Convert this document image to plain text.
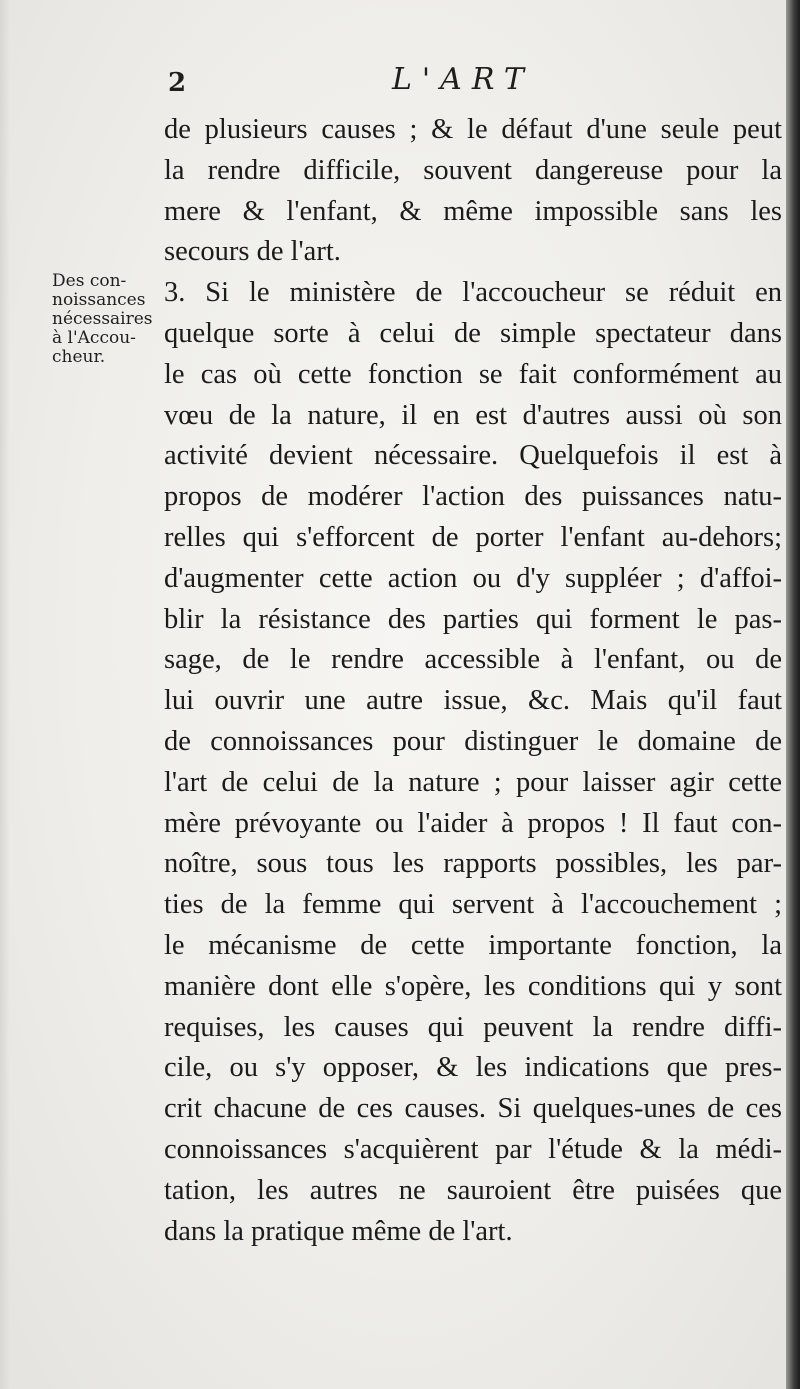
2	L'ART
Des con-
noissances
nécessaires
à l'Accou-
cheur.
de plusieurs causes ; & le défaut d'une seule peut
la rendre difficile, souvent dangereuse pour la
mere & l'enfant, & même impossible sans les
secours de l'art.
3. Si le ministère de l'accoucheur se réduit en
quelque sorte à celui de simple spectateur dans
le cas où cette fonction se fait conformément au
vœu de la nature, il en est d'autres aussi où son
activité devient nécessaire. Quelquefois il est à
propos de modérer l'action des puissances natu-
relles qui s'efforcent de porter l'enfant au-dehors;
d'augmenter cette action ou d'y suppléer ; d'affoi-
blir la résistance des parties qui forment le pas-
sage, de le rendre accessible à l'enfant, ou de
lui ouvrir une autre issue, &c. Mais qu'il faut
de connoissances pour distinguer le domaine de
l'art de celui de la nature ; pour laisser agir cette
mère prévoyante ou l'aider à propos ! Il faut con-
noître, sous tous les rapports possibles, les par-
ties de la femme qui servent à l'accouchement ;
le mécanisme de cette importante fonction, la
manière dont elle s'opère, les conditions qui y sont
requises, les causes qui peuvent la rendre diffi-
cile, ou s'y opposer, & les indications que pres-
crit chacune de ces causes. Si quelques-unes de ces
connoissances s'acquièrent par l'étude & la médi-
tation, les autres ne sauroient être puisées que
dans la pratique même de l'art.
